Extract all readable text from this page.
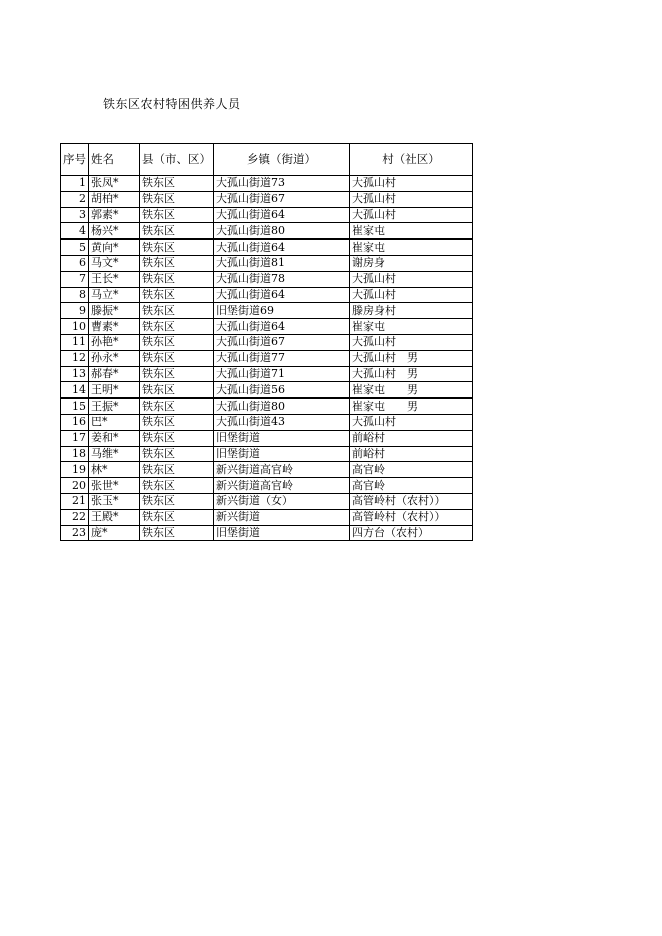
铁东区农村特困供养人员
序号	姓名	县（市、区）	乡镇（街道）	村（社区）
1	张凤*	铁东区	大孤山街道73	大孤山村
2	胡柏*	铁东区	大孤山街道67	大孤山村
3	郭素*	铁东区	大孤山街道64	大孤山村
4	杨兴*	铁东区	大孤山街道80	崔家屯
5	黄向*	铁东区	大孤山街道64	崔家屯
6	马文*	铁东区	大孤山街道81	谢房身
7	王长*	铁东区	大孤山街道78	大孤山村
8	马立*	铁东区	大孤山街道64	大孤山村
9	滕振*	铁东区	旧堡街道69	滕房身村
10	曹素*	铁东区	大孤山街道64	崔家屯
11	孙艳*	铁东区	大孤山街道67	大孤山村
12	孙永*	铁东区	大孤山街道77	大孤山村　男
13	郝春*	铁东区	大孤山街道71	大孤山村　男
14	王明*	铁东区	大孤山街道56	崔家屯　　男
15	王振*	铁东区	大孤山街道80	崔家屯　　男
16	巴*	铁东区	大孤山街道43	大孤山村
17	姜和*	铁东区	旧堡街道	前峪村
18	马维*	铁东区	旧堡街道	前峪村
19	林*	铁东区	新兴街道高官岭	高官岭
20	张世*	铁东区	新兴街道高官岭	高官岭
21	张玉*	铁东区	新兴街道（女）	高管岭村（农村））
22	王殿*	铁东区	新兴街道	高管岭村（农村））
23	庞*	铁东区	旧堡街道	四方台（农村）
